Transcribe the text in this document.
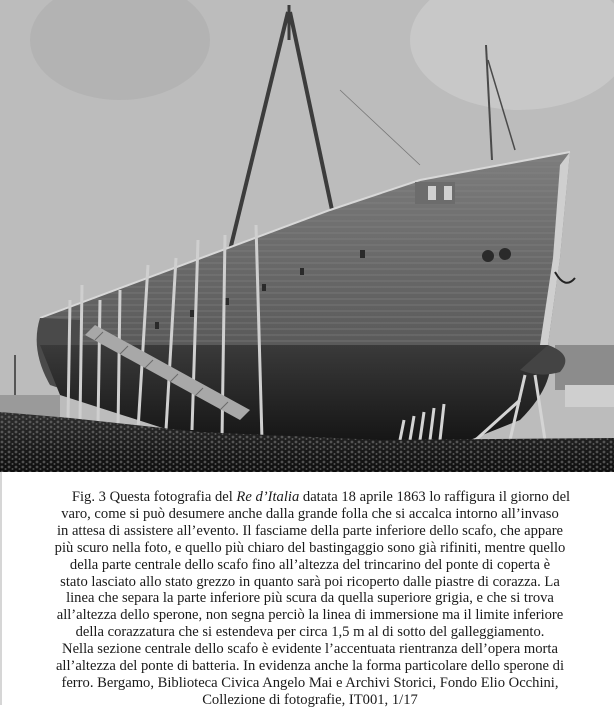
Fig. 3 Questa fotografia del Re d’Italia datata 18 aprile 1863 lo raffigura il giorno del
varo, come si può desumere anche dalla grande folla che si accalca intorno all’invaso
in attesa di assistere all’evento. Il fasciame della parte inferiore dello scafo, che appare
più scuro nella foto, e quello più chiaro del bastingaggio sono già rifiniti, mentre quello
della parte centrale dello scafo fino all’altezza del trincarino del ponte di coperta è
stato lasciato allo stato grezzo in quanto sarà poi ricoperto dalle piastre di corazza. La
linea che separa la parte inferiore più scura da quella superiore grigia, e che si trova
all’altezza dello sperone, non segna perciò la linea di immersione ma il limite inferiore
della corazzatura che si estendeva per circa 1,5 m al di sotto del galleggiamento.
Nella sezione centrale dello scafo è evidente l’accentuata rientranza dell’opera morta
all’altezza del ponte di batteria. In evidenza anche la forma particolare dello sperone di
ferro. Bergamo, Biblioteca Civica Angelo Mai e Archivi Storici, Fondo Elio Occhini,
Collezione di fotografie, IT001, 1/17
